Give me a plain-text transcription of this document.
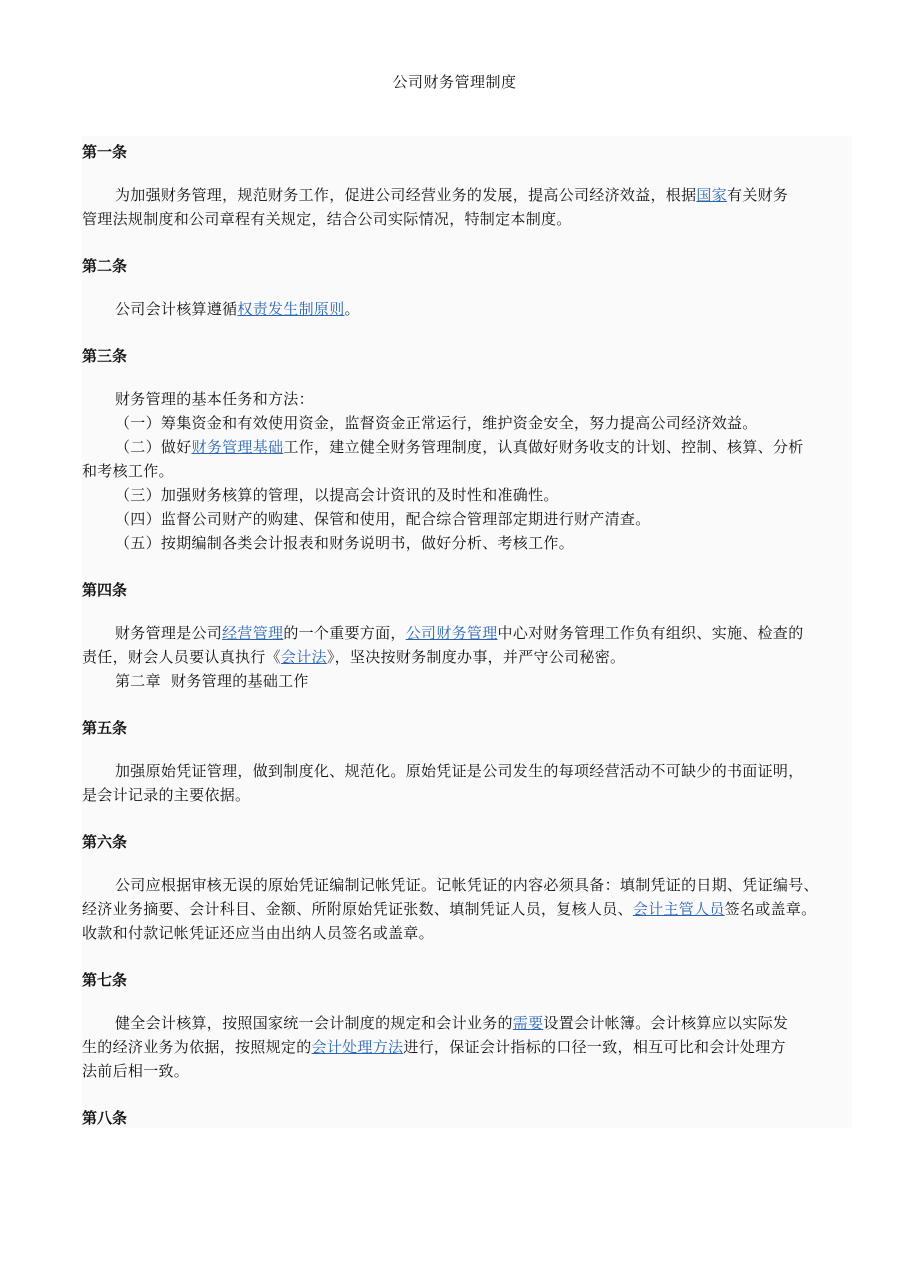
公司财务管理制度
第一条
为加强财务管理，规范财务工作，促进公司经营业务的发展，提高公司经济效益，根据国家有关财务
管理法规制度和公司章程有关规定，结合公司实际情况，特制定本制度。
第二条
公司会计核算遵循权责发生制原则。
第三条
财务管理的基本任务和方法：
（一）筹集资金和有效使用资金，监督资金正常运行，维护资金安全，努力提高公司经济效益。
（二）做好财务管理基础工作，建立健全财务管理制度，认真做好财务收支的计划、控制、核算、分析
和考核工作。
（三）加强财务核算的管理，以提高会计资讯的及时性和准确性。
（四）监督公司财产的购建、保管和使用，配合综合管理部定期进行财产清查。
（五）按期编制各类会计报表和财务说明书，做好分析、考核工作。
第四条
财务管理是公司经营管理的一个重要方面，公司财务管理中心对财务管理工作负有组织、实施、检查的
责任，财会人员要认真执行《会计法》，坚决按财务制度办事，并严守公司秘密。
第二章  财务管理的基础工作
第五条
加强原始凭证管理，做到制度化、规范化。原始凭证是公司发生的每项经营活动不可缺少的书面证明，
是会计记录的主要依据。
第六条
公司应根据审核无误的原始凭证编制记帐凭证。记帐凭证的内容必须具备：填制凭证的日期、凭证编号、
经济业务摘要、会计科目、金额、所附原始凭证张数、填制凭证人员，复核人员、会计主管人员签名或盖章。
收款和付款记帐凭证还应当由出纳人员签名或盖章。
第七条
健全会计核算，按照国家统一会计制度的规定和会计业务的需要设置会计帐簿。会计核算应以实际发
生的经济业务为依据，按照规定的会计处理方法进行，保证会计指标的口径一致，相互可比和会计处理方
法前后相一致。
第八条
